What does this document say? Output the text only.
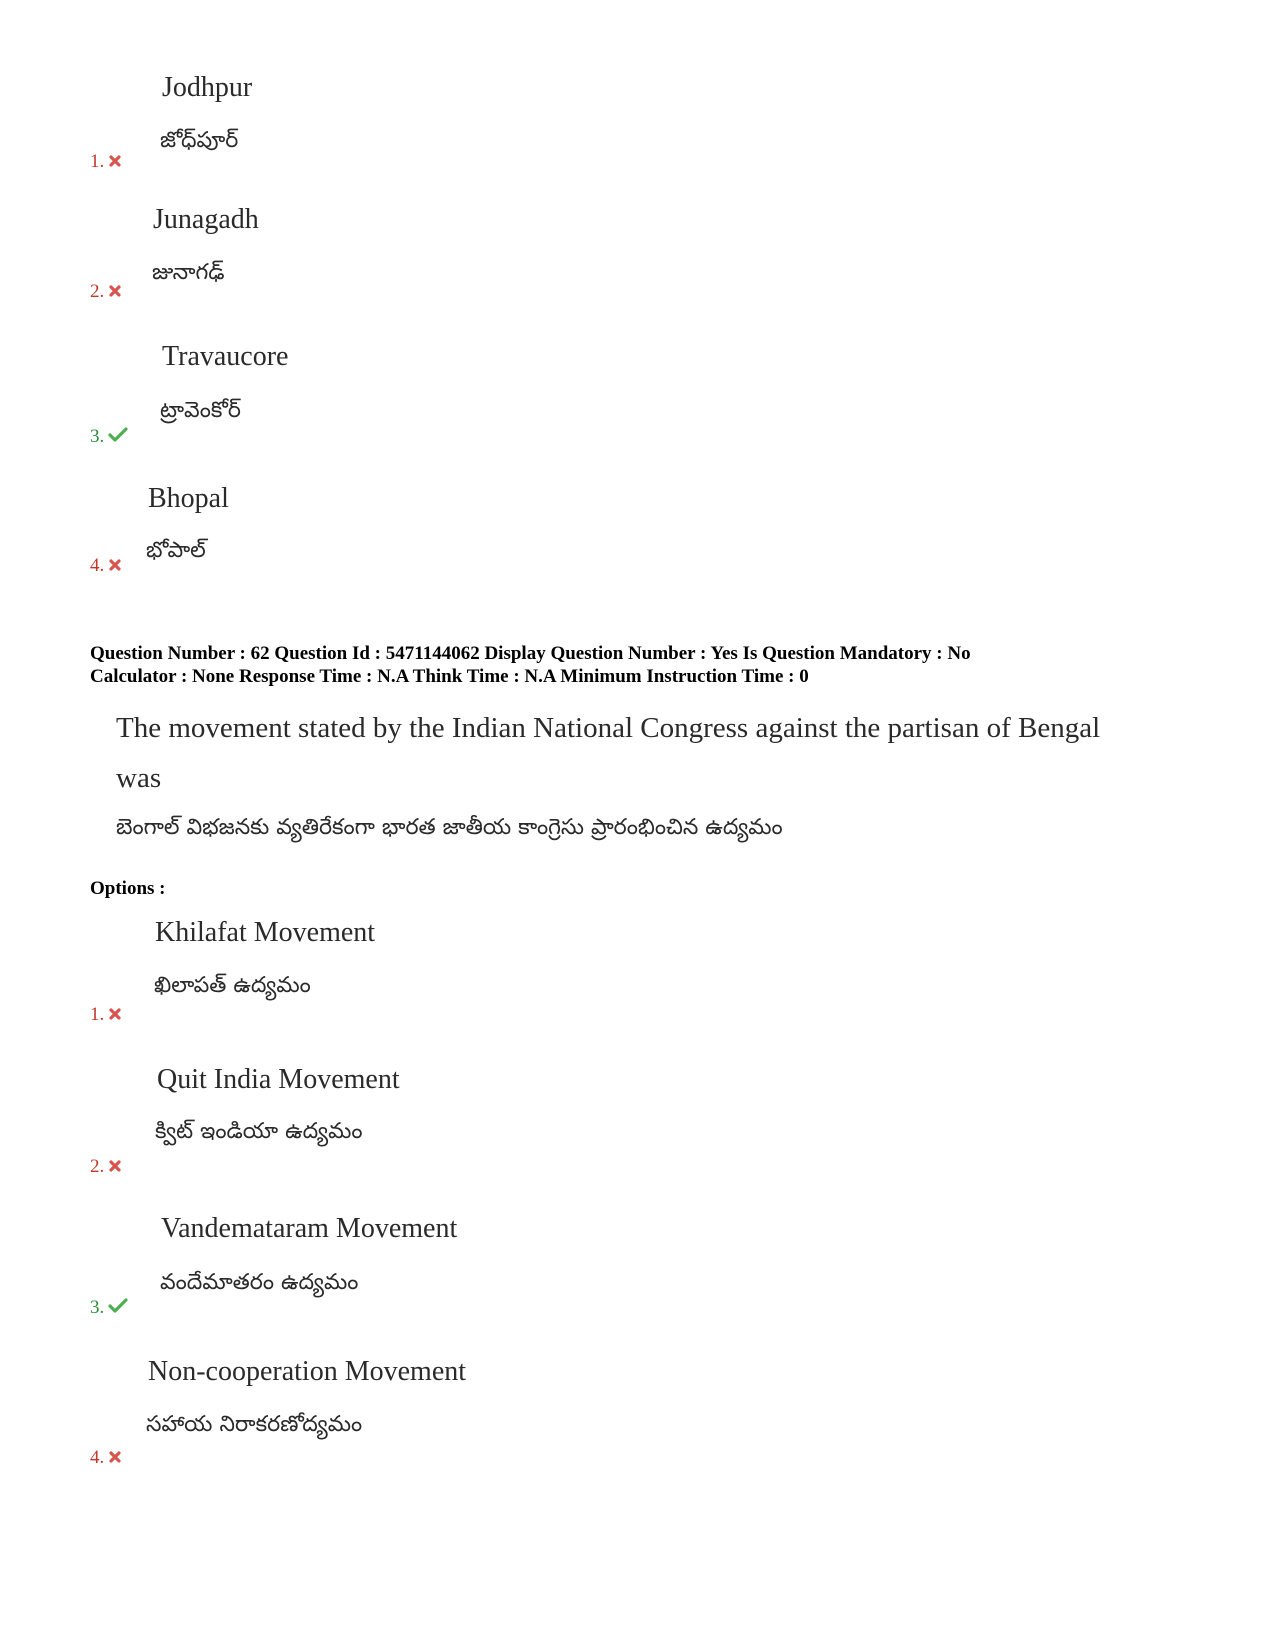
Jodhpur
జోధ్‌పూర్
1.
Junagadh
జునాగఢ్
2.
Travaucore
ట్రావెంకోర్
3.
Bhopal
భోపాల్
4.
Question Number : 62 Question Id : 5471144062 Display Question Number : Yes Is Question Mandatory : No
Calculator : None Response Time : N.A Think Time : N.A Minimum Instruction Time : 0
The movement stated by the Indian National Congress against the partisan of Bengal
was
బెంగాల్ విభజనకు వ్యతిరేకంగా భారత జాతీయ కాంగ్రెసు ప్రారంభించిన ఉద్యమం
Options :
Khilafat Movement
ఖిలాపత్ ఉద్యమం
1.
Quit India Movement
క్విట్ ఇండియా ఉద్యమం
2.
Vandemataram Movement
వందేమాతరం ఉద్యమం
3.
Non-cooperation Movement
సహాయ నిరాకరణోద్యమం
4.
